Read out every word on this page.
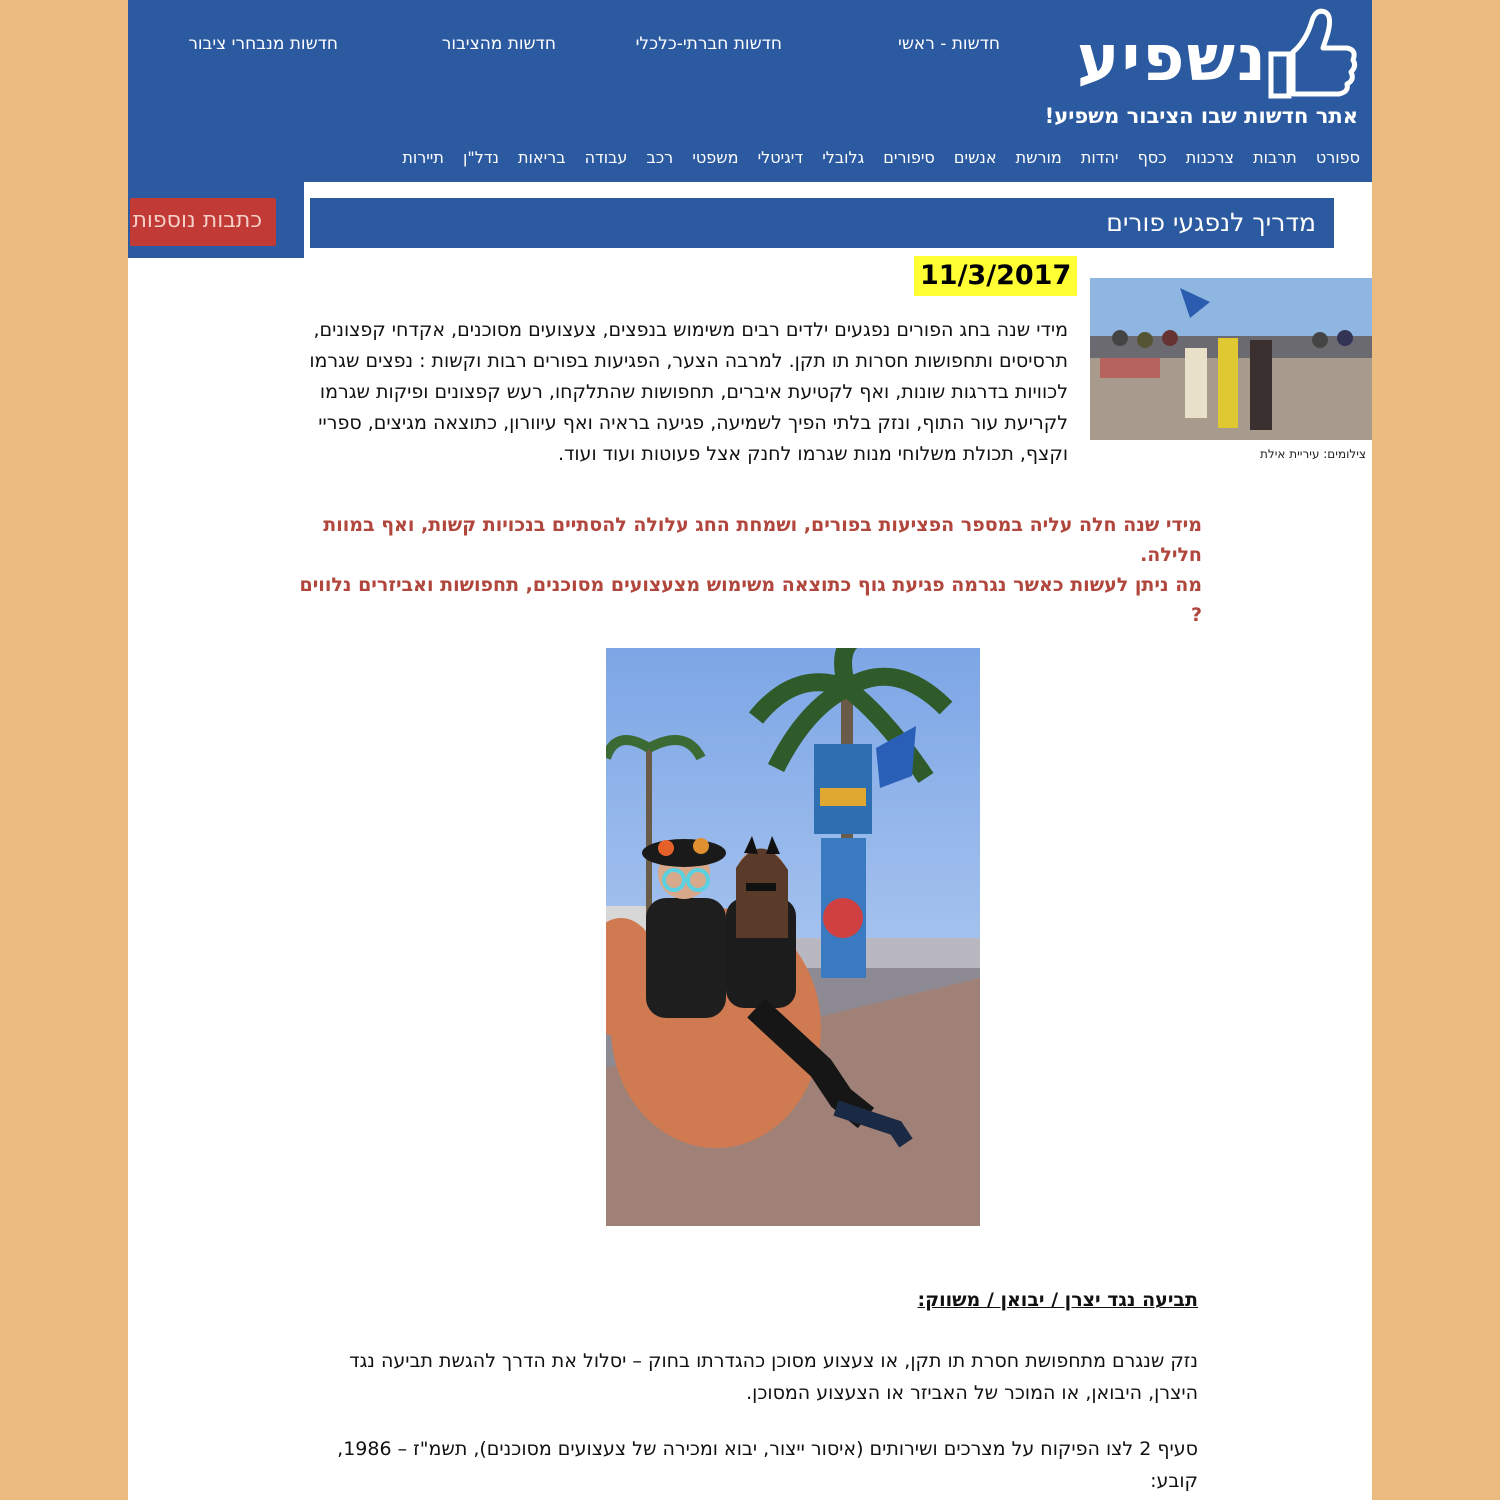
נשפיע
אתר חדשות שבו הציבור משפיע!
חדשות - ראשי
חדשות חברתי-כלכלי
חדשות מהציבור
חדשות מנבחרי ציבור
ספורט תרבות צרכנות כסף יהדות מורשת אנשים סיפורים גלובלי דיגיטלי משפטי רכב עבודה בריאות נדל"ן תיירות
מדריך לנפגעי פורים
כתבות נוספות
11/3/2017
צילומים: עיריית אילת
מידי שנה בחג הפורים נפגעים ילדים רבים משימוש בנפצים, צעצועים מסוכנים, אקדחי קפצונים, תרסיסים ותחפושות חסרות תו תקן. למרבה הצער, הפגיעות בפורים רבות וקשות : נפצים שגרמו לכוויות בדרגות שונות, ואף לקטיעת איברים, תחפושות שהתלקחו, רעש קפצונים ופיקות שגרמו לקריעת עור התוף, ונזק בלתי הפיך לשמיעה, פגיעה בראיה ואף עיוורון, כתוצאה מגיצים, ספריי וקצף, תכולת משלוחי מנות שגרמו לחנק אצל פעוטות ועוד ועוד.

מידי שנה חלה עליה במספר הפציעות בפורים, ושמחת החג עלולה להסתיים בנכויות קשות, ואף במוות חלילה.

מה ניתן לעשות כאשר נגרמה פגיעת גוף כתוצאה משימוש מצעצועים מסוכנים, תחפושות ואביזרים נלווים ?

תביעה נגד יצרן / יבואן / משווק:
נזק שנגרם מתחפושת חסרת תו תקן, או צעצוע מסוכן כהגדרתו בחוק – יסלול את הדרך להגשת תביעה נגד היצרן, היבואן, או המוכר של האביזר או הצעצוע המסוכן.
סעיף 2 לצו הפיקוח על מצרכים ושירותים (איסור ייצור, יבוא ומכירה של צעצועים מסוכנים), תשמ"ז – 1986, קובע:
